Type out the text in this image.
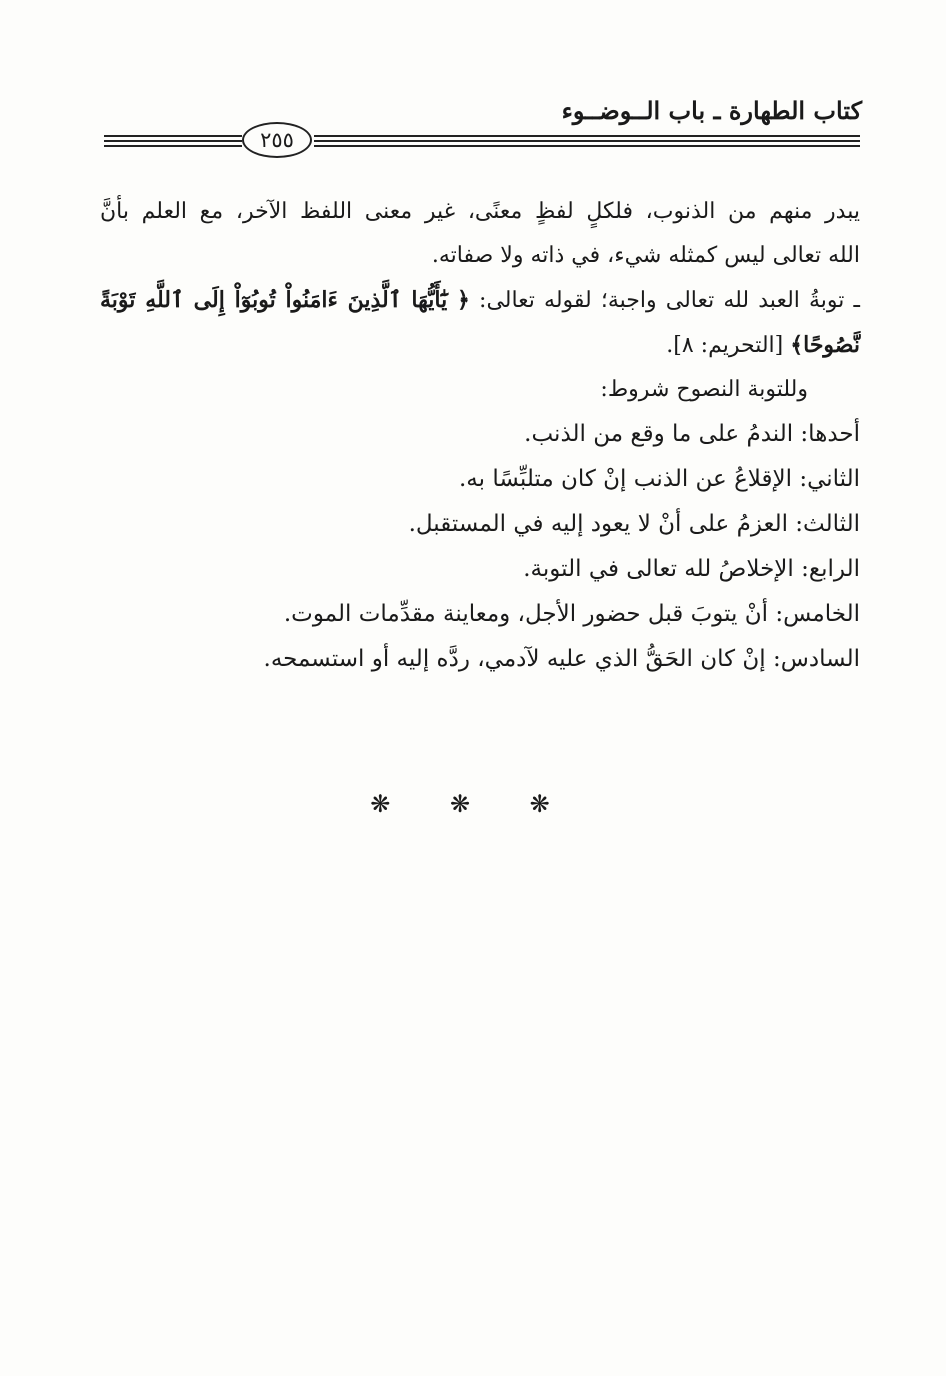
كتاب الطهارة ـ باب الــوضــوء
٢٥٥

يبدر منهم من الذنوب، فلكلٍ لفظٍ معنًى، غير معنى اللفظ الآخر، مع العلم بأنَّ

الله تعالى ليس كمثله شيء، في ذاته ولا صفاته.

ـ توبةُ العبد لله تعالى واجبة؛ لقوله تعالى: ﴿ يَٰٓأَيُّهَا ٱلَّذِينَ ءَامَنُواْ تُوبُوٓاْ إِلَى ٱللَّهِ تَوْبَةً

نَّصُوحًا﴾ [التحريم: ٨].

وللتوبة النصوح شروط:

أحدها: الندمُ على ما وقع من الذنب.

الثاني: الإقلاعُ عن الذنب إنْ كان متلبِّسًا به.

الثالث: العزمُ على أنْ لا يعود إليه في المستقبل.

الرابع: الإخلاصُ لله تعالى في التوبة.

الخامس: أنْ يتوبَ قبل حضور الأجل، ومعاينة مقدِّمات الموت.

السادس: إنْ كان الحَقُّ الذي عليه لآدمي، ردَّه إليه أو استسمحه.

❋ ❋ ❋
